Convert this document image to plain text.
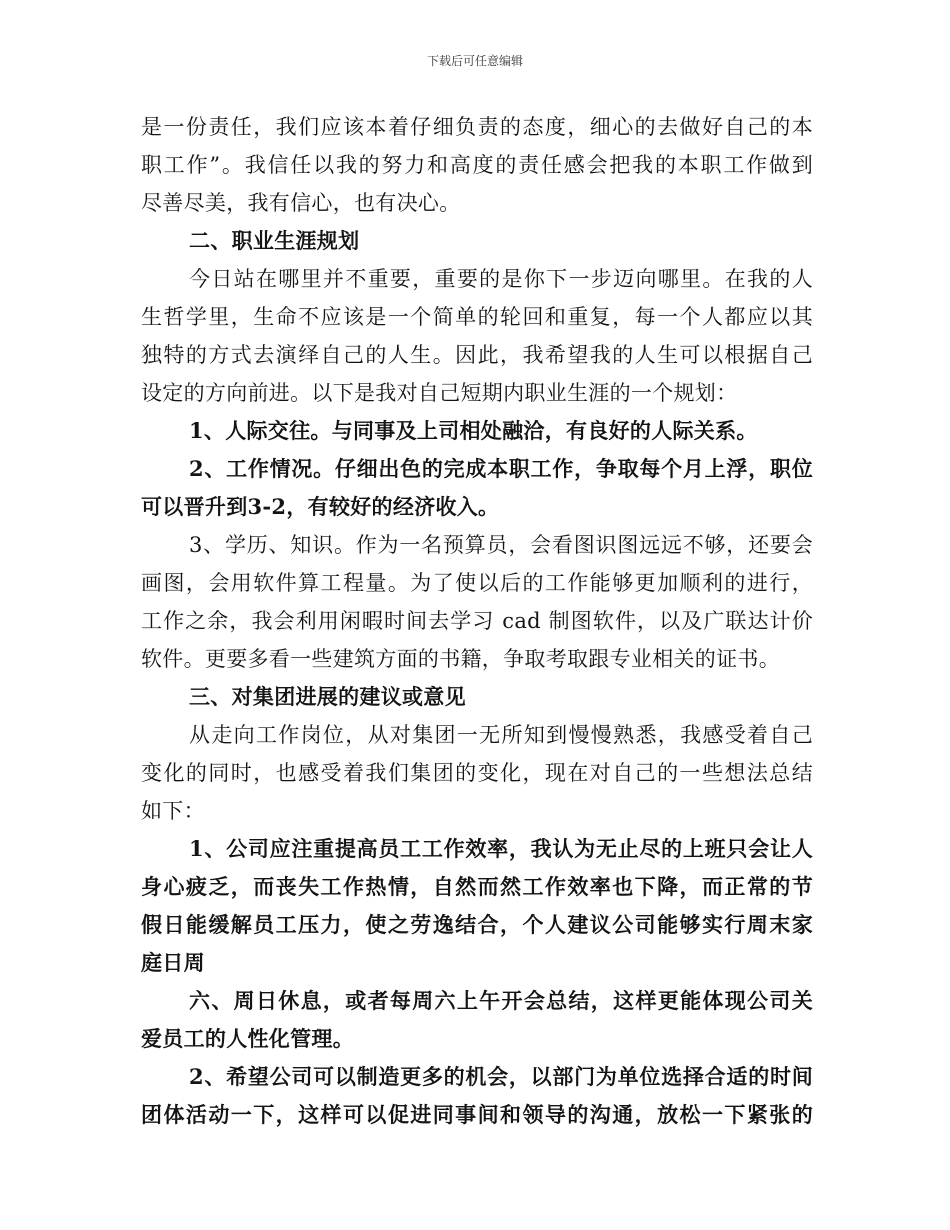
下载后可任意编辑
是一份责任，我们应该本着仔细负责的态度，细心的去做好自己的本
职工作”。我信任以我的努力和高度的责任感会把我的本职工作做到
尽善尽美，我有信心，也有决心。
二、职业生涯规划
今日站在哪里并不重要，重要的是你下一步迈向哪里。在我的人
生哲学里，生命不应该是一个简单的轮回和重复，每一个人都应以其
独特的方式去演绎自己的人生。因此，我希望我的人生可以根据自己
设定的方向前进。以下是我对自己短期内职业生涯的一个规划：
1、人际交往。与同事及上司相处融洽，有良好的人际关系。
2、工作情况。仔细出色的完成本职工作，争取每个月上浮，职位
可以晋升到3-2，有较好的经济收入。
3、学历、知识。作为一名预算员，会看图识图远远不够，还要会
画图，会用软件算工程量。为了使以后的工作能够更加顺利的进行，
工作之余，我会利用闲暇时间去学习 cad 制图软件，以及广联达计价
软件。更要多看一些建筑方面的书籍，争取考取跟专业相关的证书。
三、对集团进展的建议或意见
从走向工作岗位，从对集团一无所知到慢慢熟悉，我感受着自己
变化的同时，也感受着我们集团的变化，现在对自己的一些想法总结
如下：
1、公司应注重提高员工工作效率，我认为无止尽的上班只会让人
身心疲乏，而丧失工作热情，自然而然工作效率也下降，而正常的节
假日能缓解员工压力，使之劳逸结合，个人建议公司能够实行周末家
庭日周
六、周日休息，或者每周六上午开会总结，这样更能体现公司关
爱员工的人性化管理。
2、希望公司可以制造更多的机会，以部门为单位选择合适的时间
团体活动一下，这样可以促进同事间和领导的沟通，放松一下紧张的
